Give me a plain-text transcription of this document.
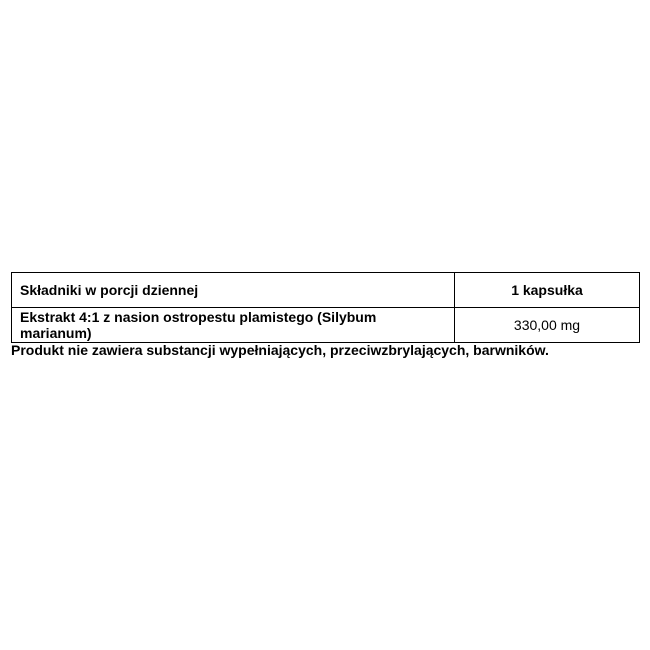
Składniki w porcji dziennej	1 kapsułka
Ekstrakt 4:1 z nasion ostropestu plamistego (Silybum marianum)	330,00 mg
Produkt nie zawiera substancji wypełniających, przeciwzbrylających, barwników.
